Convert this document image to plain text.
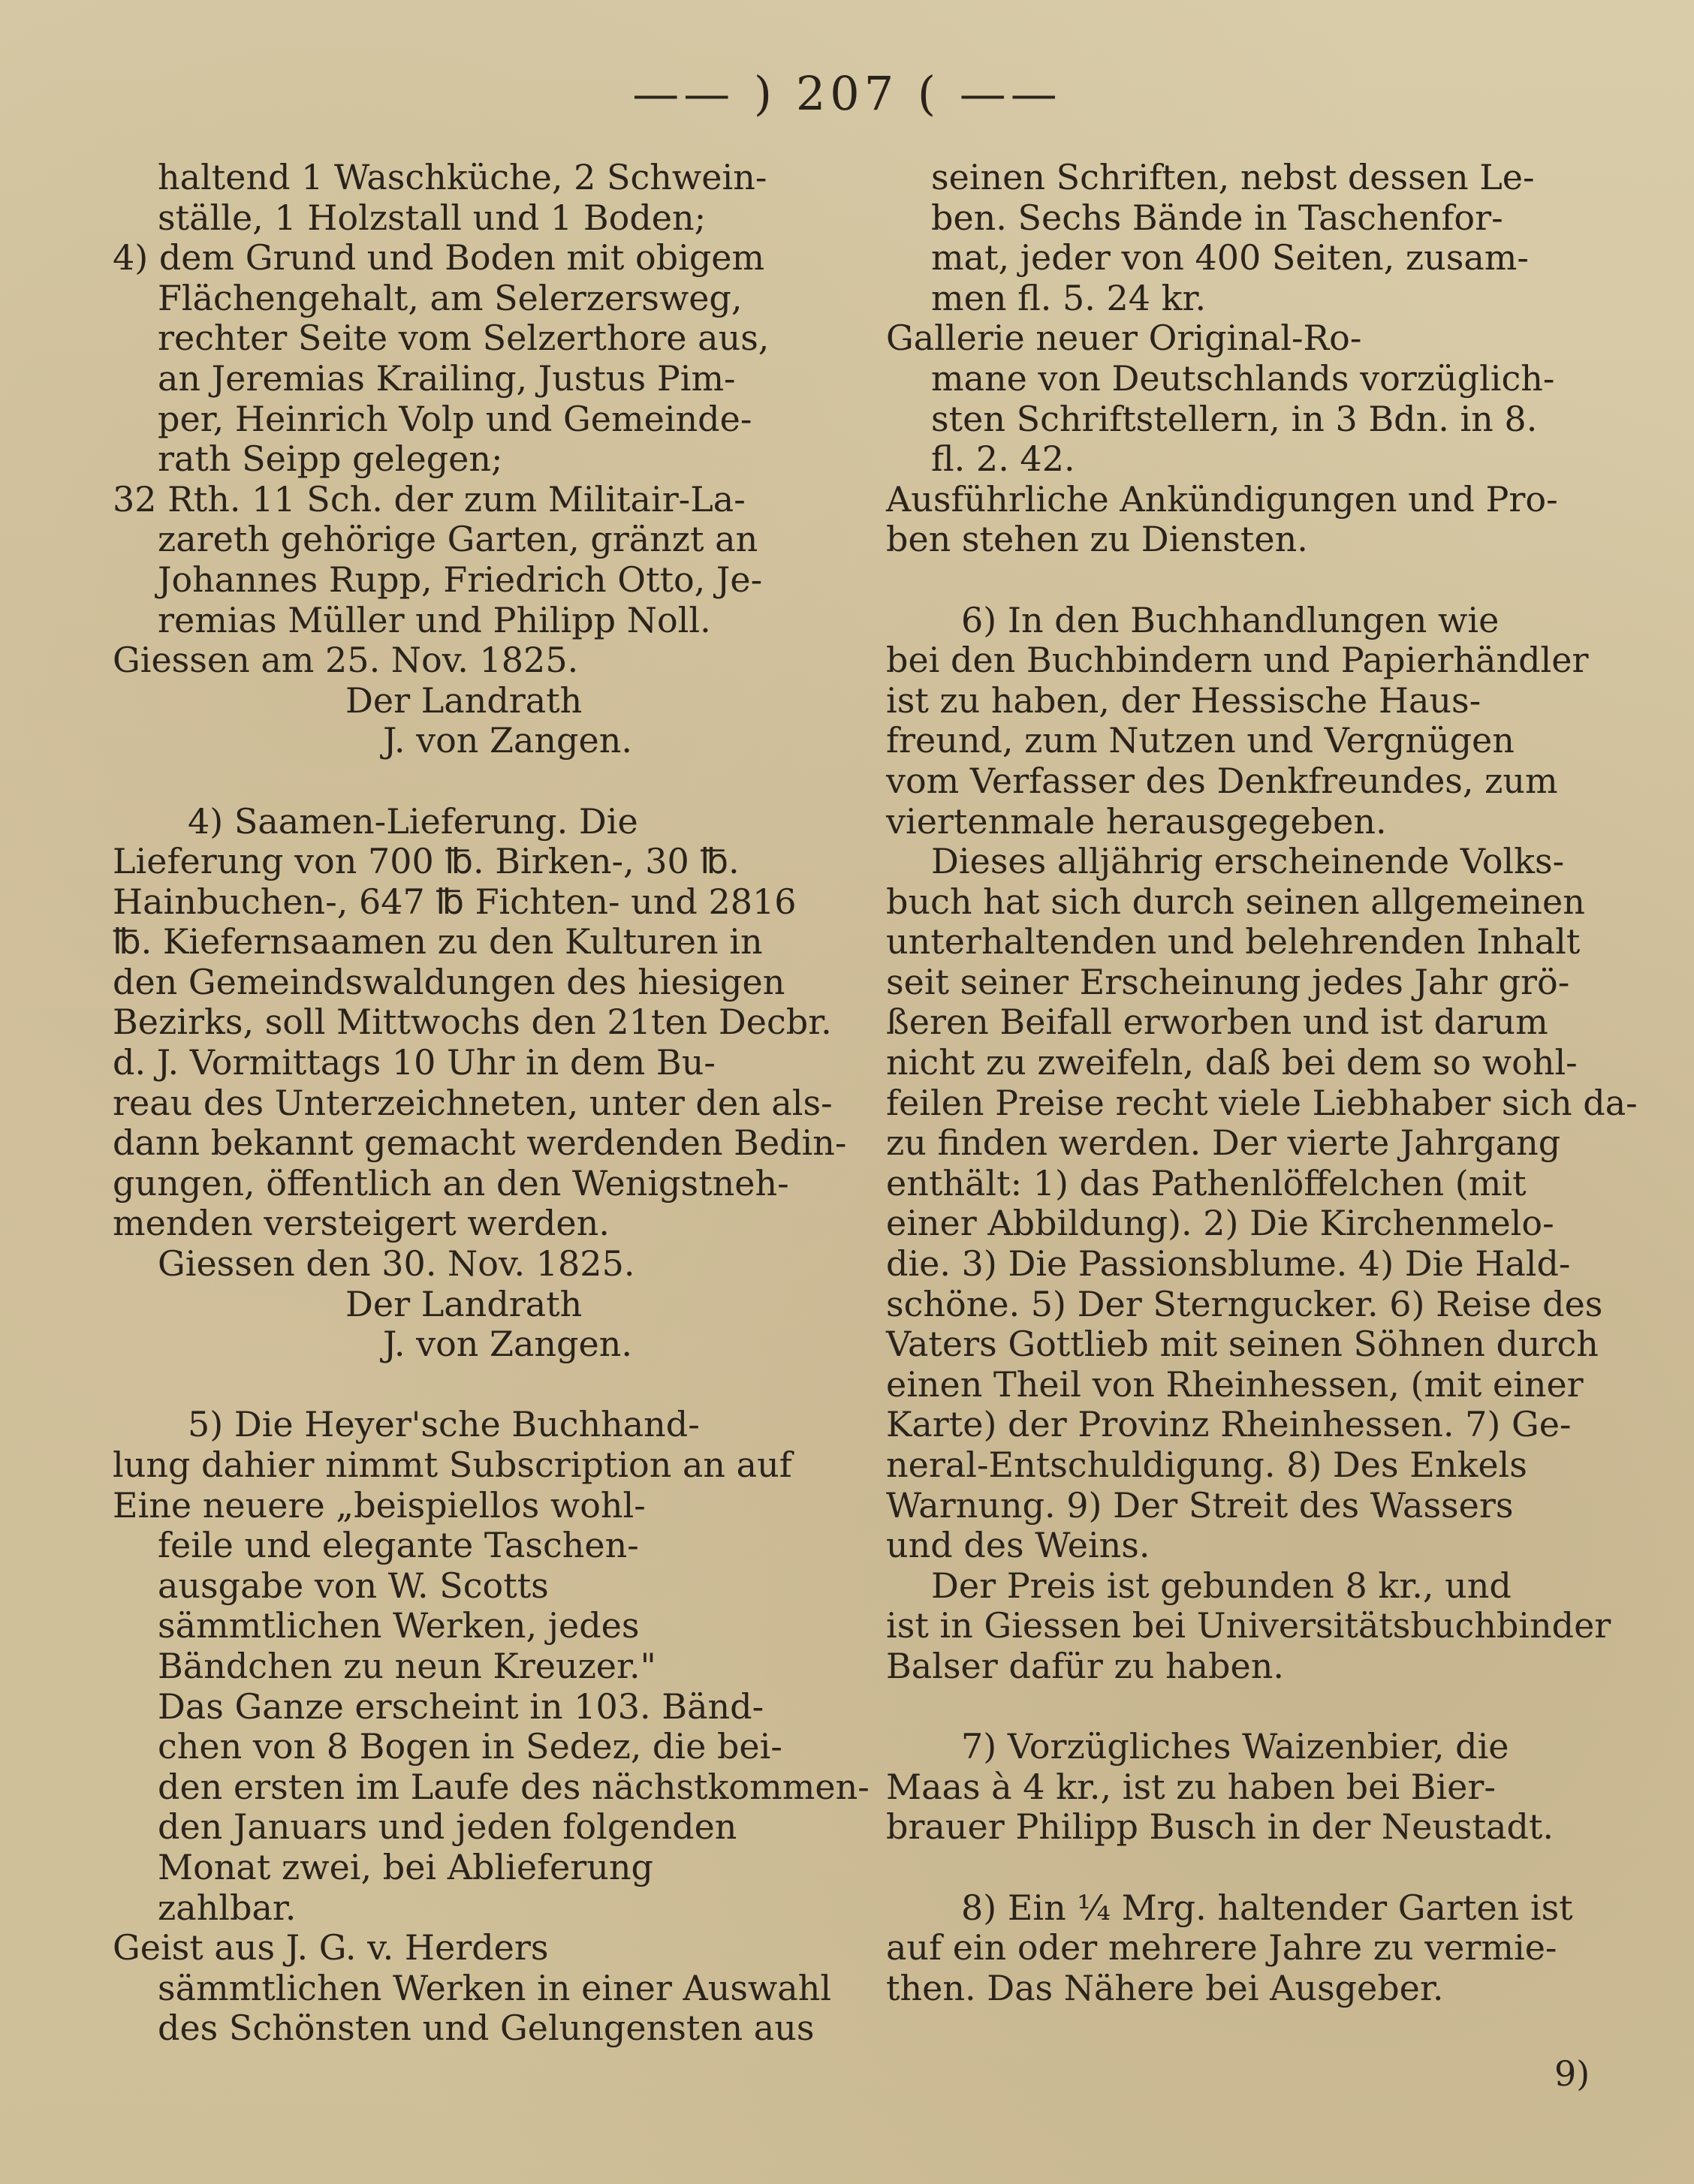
—— ) 207 ( ——
haltend 1 Waschküche, 2 Schwein-
ställe, 1 Holzstall und 1 Boden;
4) dem Grund und Boden mit obigem
Flächengehalt, am Selerzersweg,
rechter Seite vom Selzerthore aus,
an Jeremias Krailing, Justus Pim-
per, Heinrich Volp und Gemeinde-
rath Seipp gelegen;
32 Rth. 11 Sch. der zum Militair-La-
zareth gehörige Garten, gränzt an
Johannes Rupp, Friedrich Otto, Je-
remias Müller und Philipp Noll.
Giessen am 25. Nov. 1825.
Der Landrath
J. von Zangen.
4) Saamen-Lieferung. Die
Lieferung von 700 ℔. Birken-, 30 ℔.
Hainbuchen-, 647 ℔ Fichten- und 2816
℔. Kiefernsaamen zu den Kulturen in
den Gemeindswaldungen des hiesigen
Bezirks, soll Mittwochs den 21ten Decbr.
d. J. Vormittags 10 Uhr in dem Bu-
reau des Unterzeichneten, unter den als-
dann bekannt gemacht werdenden Bedin-
gungen, öffentlich an den Wenigstneh-
menden versteigert werden.
Giessen den 30. Nov. 1825.
Der Landrath
J. von Zangen.
5) Die Heyer'sche Buchhand-
lung dahier nimmt Subscription an auf
Eine neuere „beispiellos wohl-
feile und elegante Taschen-
ausgabe von W. Scotts
sämmtlichen Werken, jedes
Bändchen zu neun Kreuzer."
Das Ganze erscheint in 103. Bänd-
chen von 8 Bogen in Sedez, die bei-
den ersten im Laufe des nächstkommen-
den Januars und jeden folgenden
Monat zwei, bei Ablieferung
zahlbar.
Geist aus J. G. v. Herders
sämmtlichen Werken in einer Auswahl
des Schönsten und Gelungensten aus
seinen Schriften, nebst dessen Le-
ben. Sechs Bände in Taschenfor-
mat, jeder von 400 Seiten, zusam-
men fl. 5. 24 kr.
Gallerie neuer Original-Ro-
mane von Deutschlands vorzüglich-
sten Schriftstellern, in 3 Bdn. in 8.
fl. 2. 42.
Ausführliche Ankündigungen und Pro-
ben stehen zu Diensten.
6) In den Buchhandlungen wie
bei den Buchbindern und Papierhändler
ist zu haben, der Hessische Haus-
freund, zum Nutzen und Vergnügen
vom Verfasser des Denkfreundes, zum
viertenmale herausgegeben.
Dieses alljährig erscheinende Volks-
buch hat sich durch seinen allgemeinen
unterhaltenden und belehrenden Inhalt
seit seiner Erscheinung jedes Jahr grö-
ßeren Beifall erworben und ist darum
nicht zu zweifeln, daß bei dem so wohl-
feilen Preise recht viele Liebhaber sich da-
zu finden werden. Der vierte Jahrgang
enthält: 1) das Pathenlöffelchen (mit
einer Abbildung). 2) Die Kirchenmelo-
die. 3) Die Passionsblume. 4) Die Hald-
schöne. 5) Der Sterngucker. 6) Reise des
Vaters Gottlieb mit seinen Söhnen durch
einen Theil von Rheinhessen, (mit einer
Karte) der Provinz Rheinhessen. 7) Ge-
neral-Entschuldigung. 8) Des Enkels
Warnung. 9) Der Streit des Wassers
und des Weins.
Der Preis ist gebunden 8 kr., und
ist in Giessen bei Universitätsbuchbinder
Balser dafür zu haben.
7) Vorzügliches Waizenbier, die
Maas à 4 kr., ist zu haben bei Bier-
brauer Philipp Busch in der Neustadt.
8) Ein ¼ Mrg. haltender Garten ist
auf ein oder mehrere Jahre zu vermie-
then. Das Nähere bei Ausgeber.
9)
